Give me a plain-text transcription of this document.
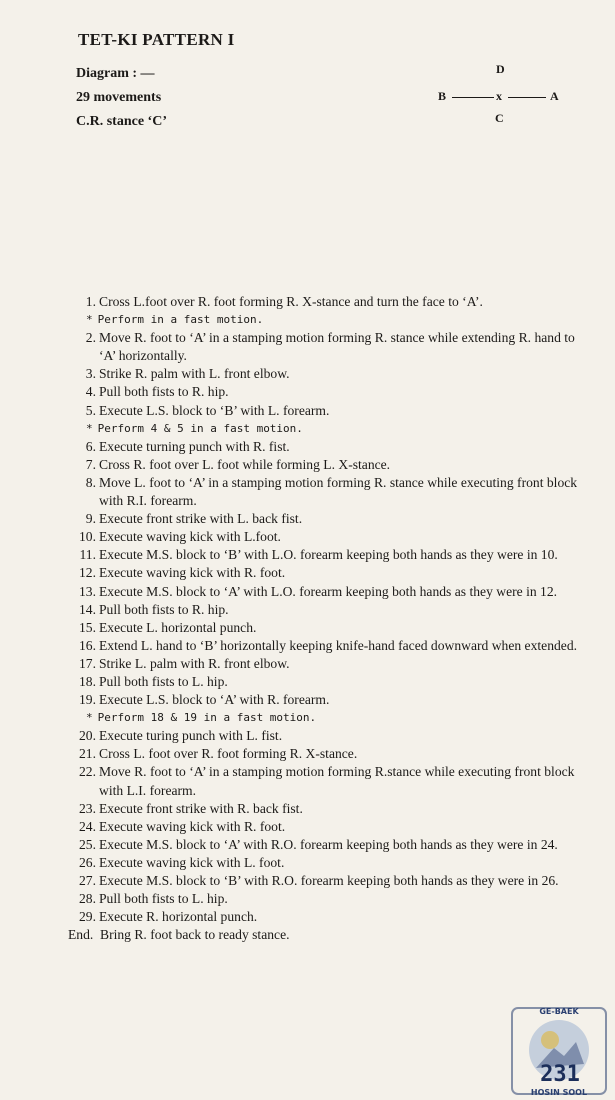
TET-KI PATTERN I
Diagram : —
29 movements
C.R. stance ‘C’
D
B	x	A
C
1. Cross L.foot over R. foot forming R. X-stance and turn the face to ‘A’.
* Perform in a fast motion.
2. Move R. foot to ‘A’ in a stamping motion forming R. stance while extending R. hand to ‘A’ horizontally.
3. Strike R. palm with L. front elbow.
4. Pull both fists to R. hip.
5. Execute L.S. block to ‘B’ with L. forearm.
* Perform 4 & 5 in a fast motion.
6. Execute turning punch with R. fist.
7. Cross R. foot over L. foot while forming L. X-stance.
8. Move L. foot to ‘A’ in a stamping motion forming R. stance while executing front block with R.I. forearm.
9. Execute front strike with L. back fist.
10. Execute waving kick with L.foot.
11. Execute M.S. block to ‘B’ with L.O. forearm keeping both hands as they were in 10.
12. Execute waving kick with R. foot.
13. Execute M.S. block to ‘A’ with L.O. forearm keeping both hands as they were in 12.
14. Pull both fists to R. hip.
15. Execute L. horizontal punch.
16. Extend L. hand to ‘B’ horizontally keeping knife-hand faced downward when extended.
17. Strike L. palm with R. front elbow.
18. Pull both fists to L. hip.
19. Execute L.S. block to ‘A’ with R. forearm.
* Perform 18 & 19 in a fast motion.
20. Execute turing punch with L. fist.
21. Cross L. foot over R. foot forming R. X-stance.
22. Move R. foot to ‘A’ in a stamping motion forming R.stance while executing front block with L.I. forearm.
23. Execute front strike with R. back fist.
24. Execute waving kick with R. foot.
25. Execute M.S. block to ‘A’ with R.O. forearm keeping both hands as they were in 24.
26. Execute waving kick with L. foot.
27. Execute M.S. block to ‘B’ with R.O. forearm keeping both hands as they were in 26.
28. Pull both fists to L. hip.
29. Execute R. horizontal punch.
End. Bring R. foot back to ready stance.
GE-BAEK
231
HOSIN SOOL
